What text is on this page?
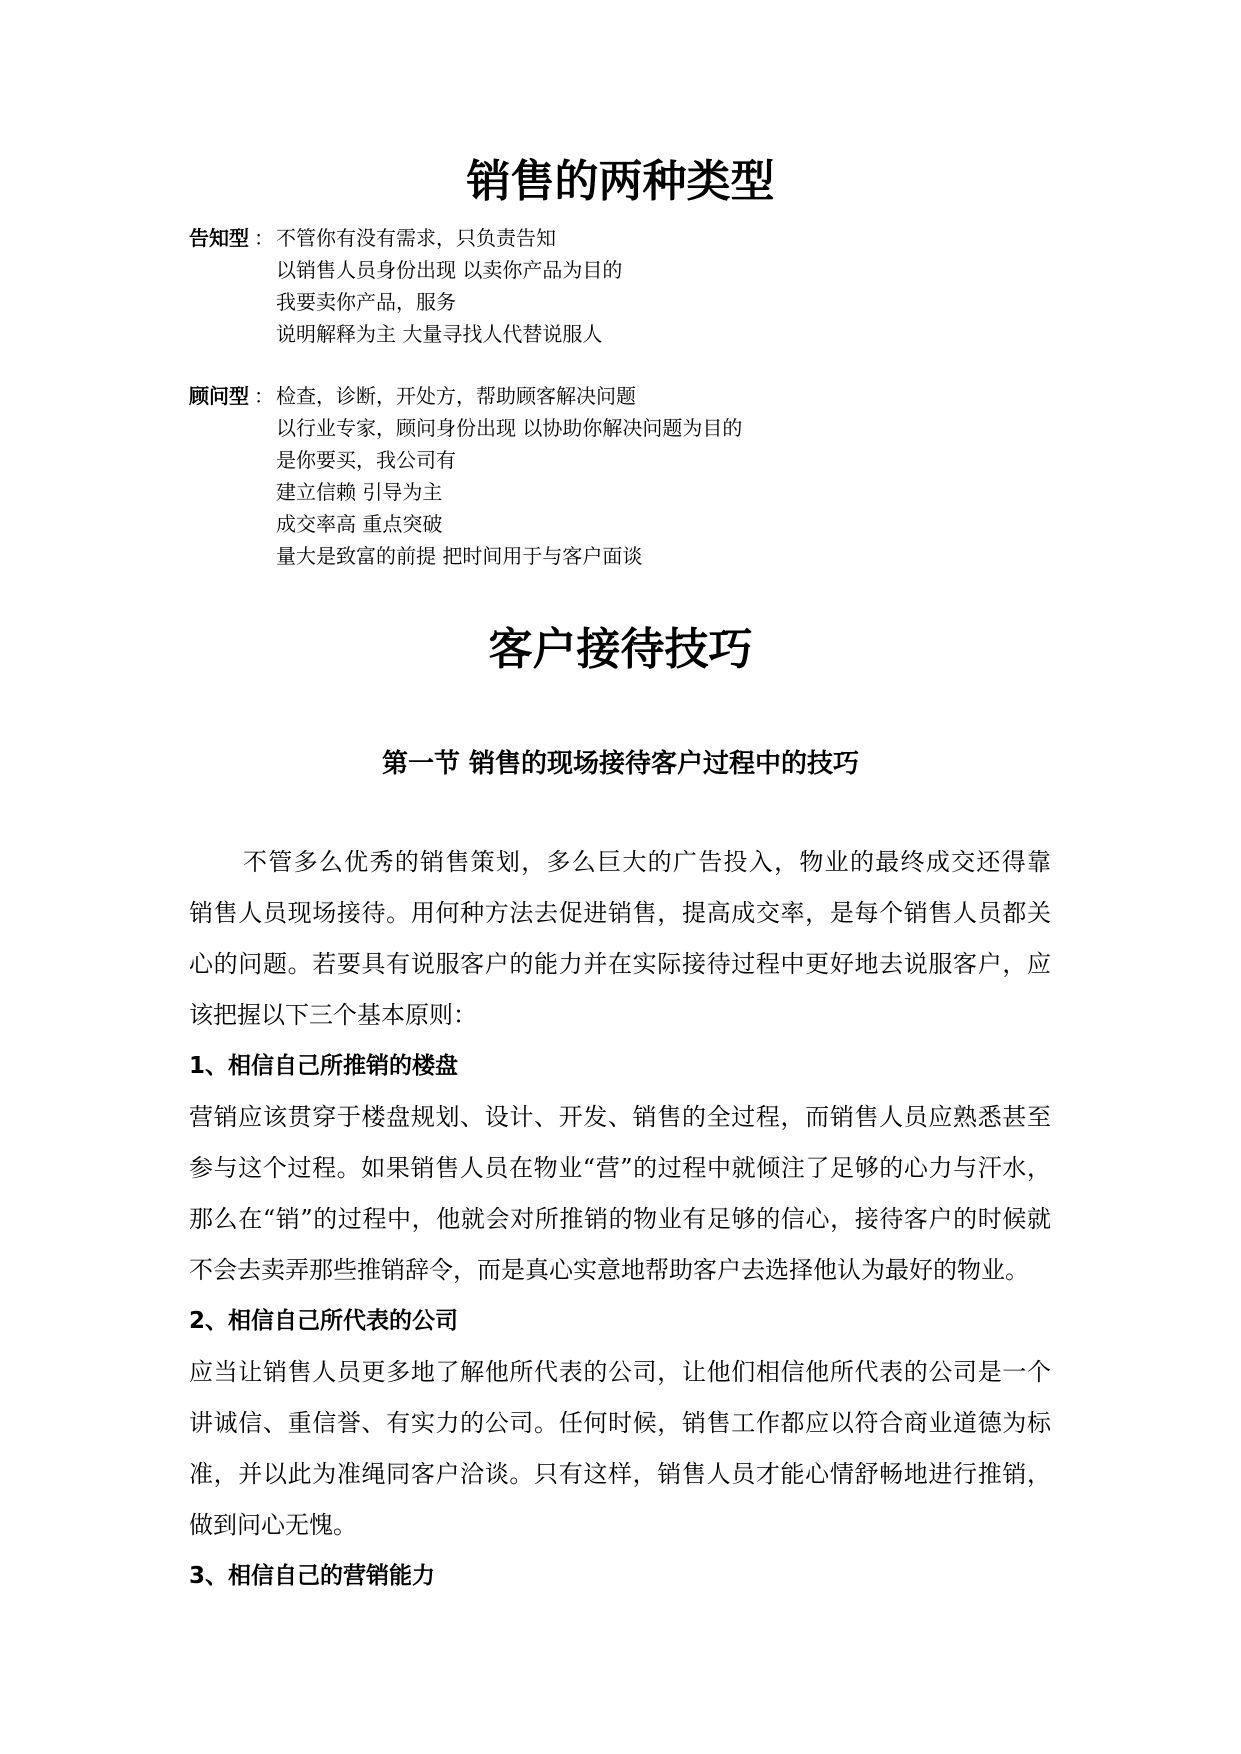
销售的两种类型
告知型 ： 不管你有没有需求，只负责告知
以销售人员身份出现 以卖你产品为目的
我要卖你产品，服务
说明解释为主 大量寻找人代替说服人
顾问型 ： 检查，诊断，开处方，帮助顾客解决问题
以行业专家，顾问身份出现 以协助你解决问题为目的
是你要买，我公司有
建立信赖 引导为主
成交率高 重点突破
量大是致富的前提 把时间用于与客户面谈
客户接待技巧
第一节 销售的现场接待客户过程中的技巧
不管多么优秀的销售策划，多么巨大的广告投入，物业的最终成交还得靠
销售人员现场接待。用何种方法去促进销售，提高成交率，是每个销售人员都关
心的问题。若要具有说服客户的能力并在实际接待过程中更好地去说服客户，应
该把握以下三个基本原则：
1、相信自己所推销的楼盘
营销应该贯穿于楼盘规划、设计、开发、销售的全过程，而销售人员应熟悉甚至
参与这个过程。如果销售人员在物业“营”的过程中就倾注了足够的心力与汗水，
那么在“销”的过程中，他就会对所推销的物业有足够的信心，接待客户的时候就
不会去卖弄那些推销辞令，而是真心实意地帮助客户去选择他认为最好的物业。
2、相信自己所代表的公司
应当让销售人员更多地了解他所代表的公司，让他们相信他所代表的公司是一个
讲诚信、重信誉、有实力的公司。任何时候，销售工作都应以符合商业道德为标
准，并以此为准绳同客户洽谈。只有这样，销售人员才能心情舒畅地进行推销，
做到问心无愧。
3、相信自己的营销能力
